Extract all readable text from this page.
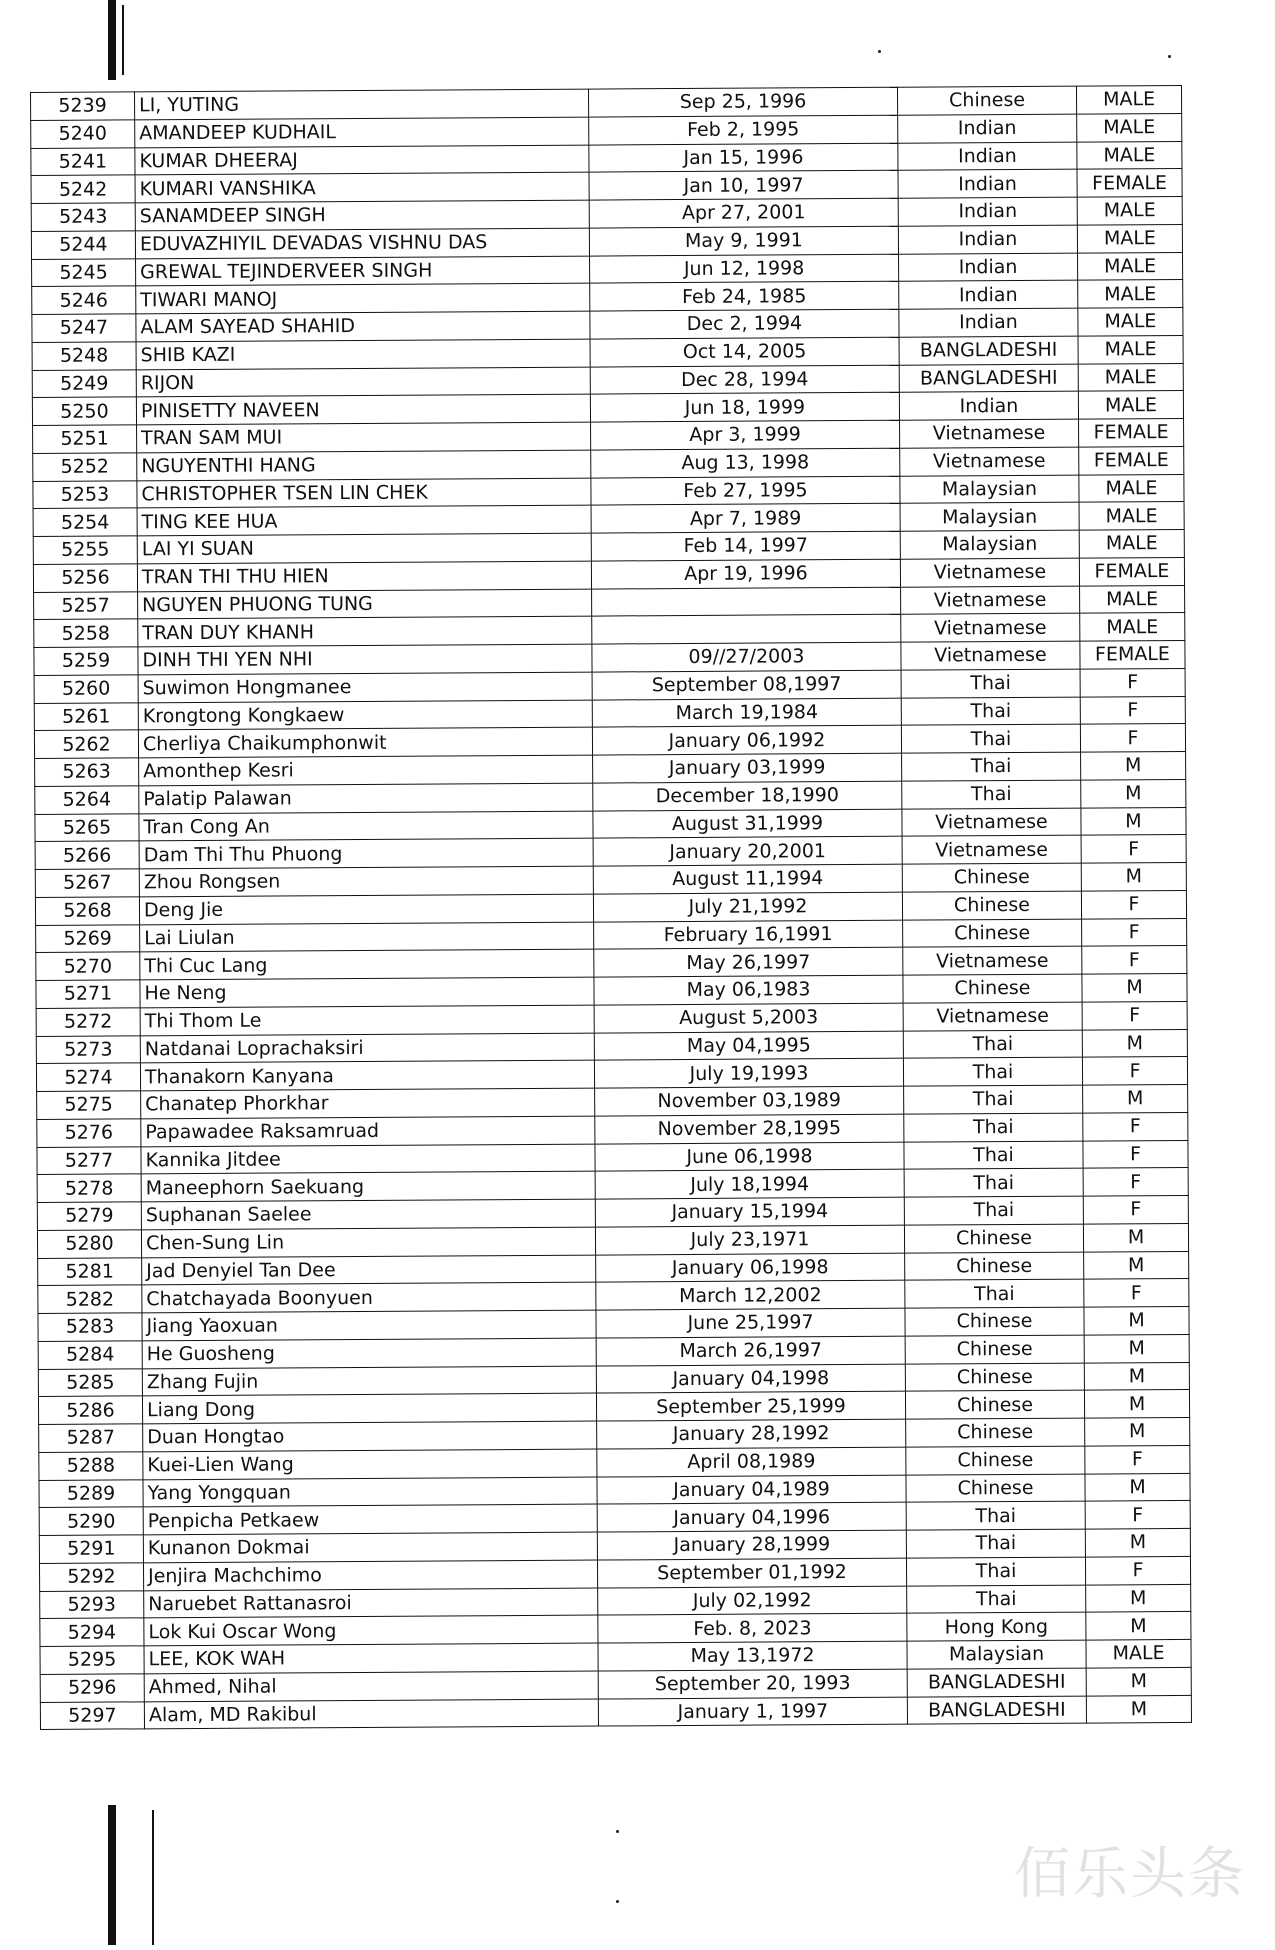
5239	LI, YUTING	Sep 25, 1996	Chinese	MALE
5240	AMANDEEP KUDHAIL	Feb 2, 1995	Indian	MALE
5241	KUMAR DHEERAJ	Jan 15, 1996	Indian	MALE
5242	KUMARI VANSHIKA	Jan 10, 1997	Indian	FEMALE
5243	SANAMDEEP SINGH	Apr 27, 2001	Indian	MALE
5244	EDUVAZHIYIL DEVADAS VISHNU DAS	May 9, 1991	Indian	MALE
5245	GREWAL TEJINDERVEER SINGH	Jun 12, 1998	Indian	MALE
5246	TIWARI MANOJ	Feb 24, 1985	Indian	MALE
5247	ALAM SAYEAD SHAHID	Dec 2, 1994	Indian	MALE
5248	SHIB KAZI	Oct 14, 2005	BANGLADESHI	MALE
5249	RIJON	Dec 28, 1994	BANGLADESHI	MALE
5250	PINISETTY NAVEEN	Jun 18, 1999	Indian	MALE
5251	TRAN SAM MUI	Apr 3, 1999	Vietnamese	FEMALE
5252	NGUYENTHI HANG	Aug 13, 1998	Vietnamese	FEMALE
5253	CHRISTOPHER TSEN LIN CHEK	Feb 27, 1995	Malaysian	MALE
5254	TING KEE HUA	Apr 7, 1989	Malaysian	MALE
5255	LAI YI SUAN	Feb 14, 1997	Malaysian	MALE
5256	TRAN THI THU HIEN	Apr 19, 1996	Vietnamese	FEMALE
5257	NGUYEN PHUONG TUNG		Vietnamese	MALE
5258	TRAN DUY KHANH		Vietnamese	MALE
5259	DINH THI YEN NHI	09//27/2003	Vietnamese	FEMALE
5260	Suwimon Hongmanee	September 08,1997	Thai	F
5261	Krongtong Kongkaew	March 19,1984	Thai	F
5262	Cherliya Chaikumphonwit	January 06,1992	Thai	F
5263	Amonthep Kesri	January 03,1999	Thai	M
5264	Palatip Palawan	December 18,1990	Thai	M
5265	Tran Cong An	August 31,1999	Vietnamese	M
5266	Dam Thi Thu Phuong	January 20,2001	Vietnamese	F
5267	Zhou Rongsen	August 11,1994	Chinese	M
5268	Deng Jie	July 21,1992	Chinese	F
5269	Lai Liulan	February 16,1991	Chinese	F
5270	Thi Cuc Lang	May 26,1997	Vietnamese	F
5271	He Neng	May 06,1983	Chinese	M
5272	Thi Thom Le	August 5,2003	Vietnamese	F
5273	Natdanai Loprachaksiri	May 04,1995	Thai	M
5274	Thanakorn Kanyana	July 19,1993	Thai	F
5275	Chanatep Phorkhar	November 03,1989	Thai	M
5276	Papawadee Raksamruad	November 28,1995	Thai	F
5277	Kannika Jitdee	June 06,1998	Thai	F
5278	Maneephorn Saekuang	July 18,1994	Thai	F
5279	Suphanan Saelee	January 15,1994	Thai	F
5280	Chen-Sung Lin	July 23,1971	Chinese	M
5281	Jad Denyiel Tan Dee	January 06,1998	Chinese	M
5282	Chatchayada Boonyuen	March 12,2002	Thai	F
5283	Jiang Yaoxuan	June 25,1997	Chinese	M
5284	He Guosheng	March 26,1997	Chinese	M
5285	Zhang Fujin	January 04,1998	Chinese	M
5286	Liang Dong	September 25,1999	Chinese	M
5287	Duan Hongtao	January 28,1992	Chinese	M
5288	Kuei-Lien Wang	April 08,1989	Chinese	F
5289	Yang Yongquan	January 04,1989	Chinese	M
5290	Penpicha Petkaew	January 04,1996	Thai	F
5291	Kunanon Dokmai	January 28,1999	Thai	M
5292	Jenjira Machchimo	September 01,1992	Thai	F
5293	Naruebet Rattanasroi	July 02,1992	Thai	M
5294	Lok Kui Oscar Wong	Feb. 8, 2023	Hong Kong	M
5295	LEE, KOK WAH	May 13,1972	Malaysian	MALE
5296	Ahmed, Nihal	September 20, 1993	BANGLADESHI	M
5297	Alam, MD Rakibul	January 1, 1997	BANGLADESHI	M
佰乐头条
